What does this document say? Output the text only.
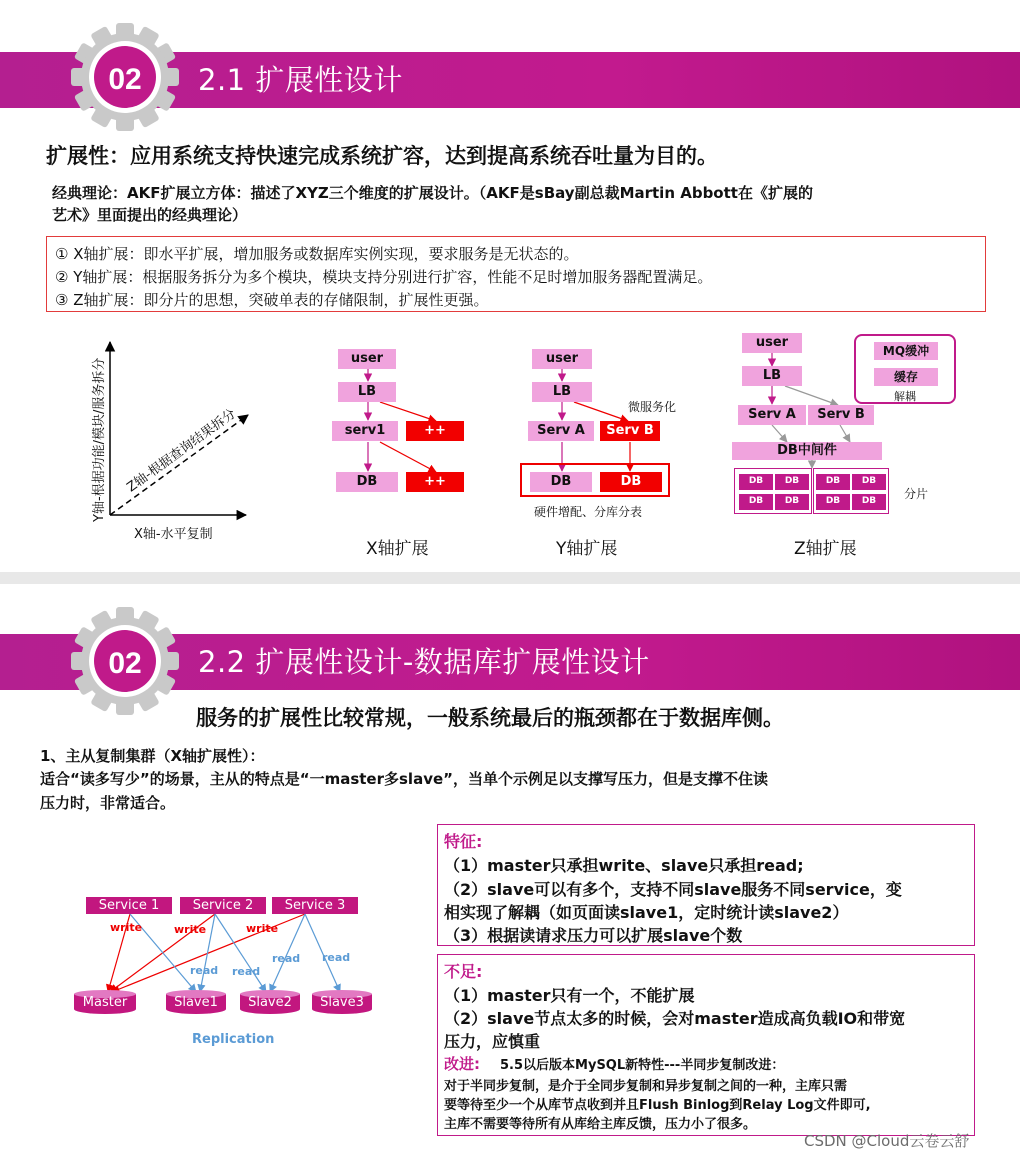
2.1 扩展性设计
02
扩展性：应用系统支持快速完成系统扩容，达到提高系统吞吐量为目的。
经典理论：AKF扩展立方体：描述了XYZ三个维度的扩展设计。（AKF是sBay副总裁Martin Abbott在《扩展的
艺术》里面提出的经典理论）
① X轴扩展：即水平扩展，增加服务或数据库实例实现，要求服务是无状态的。
② Y轴扩展：根据服务拆分为多个模块，模块支持分别进行扩容，性能不足时增加服务器配置满足。
③ Z轴扩展：即分片的思想，突破单表的存储限制，扩展性更强。
Y轴-根据功能/模块/服务拆分
X轴-水平复制
Z轴-根据查询结果拆分
user
LB
serv1	++
DB	++
X轴扩展
user
LB
微服务化
Serv A	Serv B
DB	DB
硬件增配、分库分表
Y轴扩展
user
LB
Serv A	Serv B
DB中间件
DB	DB
DB	DB
DB	DB
DB	DB	分片
MQ缓冲
缓存
解耦
Z轴扩展
2.2 扩展性设计-数据库扩展性设计
02
服务的扩展性比较常规，一般系统最后的瓶颈都在于数据库侧。
1、主从复制集群（X轴扩展性）：
适合“读多写少”的场景，主从的特点是“一master多slave”，当单个示例足以支撑写压力，但是支撑不住读
压力时，非常适合。
Service 1	Service 2	Service 3
write	write	write
read read
read read
Master	Slave1	Slave2	Slave3
Replication
特征:
（1）master只承担write、slave只承担read;
（2）slave可以有多个，支持不同slave服务不同service，变
相实现了解耦（如页面读slave1，定时统计读slave2）
（3）根据读请求压力可以扩展slave个数
不足:
（1）master只有一个，不能扩展
（2）slave节点太多的时候，会对master造成高负载IO和带宽
压力，应慎重
改进: 5.5以后版本MySQL新特性---半同步复制改进：
对于半同步复制，是介于全同步复制和异步复制之间的一种，主库只需
要等待至少一个从库节点收到并且Flush Binlog到Relay Log文件即可,
主库不需要等待所有从库给主库反馈，压力小了很多。
CSDN @Cloud云卷云舒
